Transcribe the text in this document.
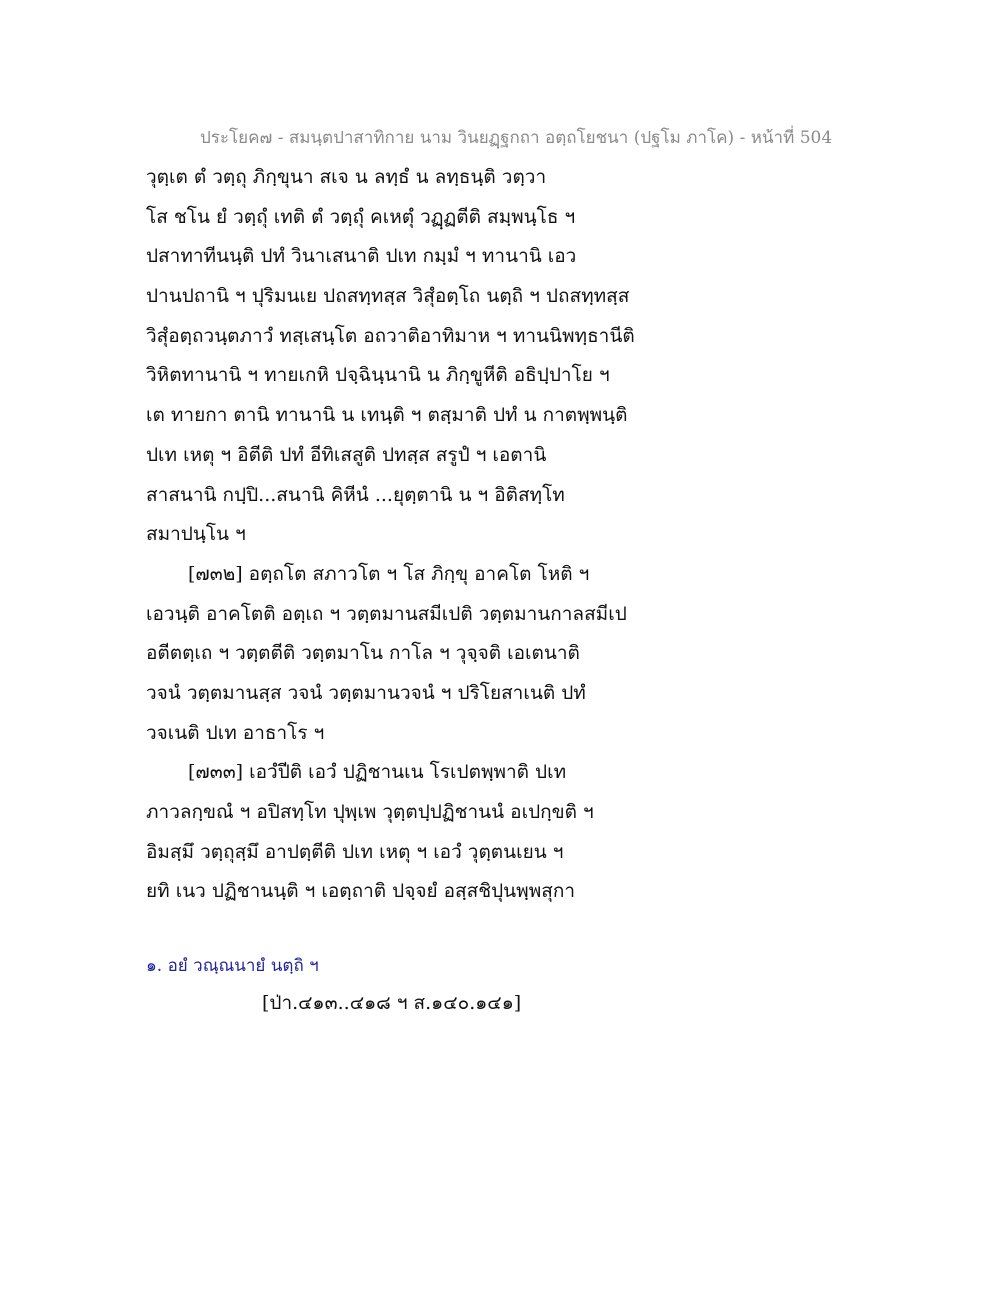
ประโยค๗ - สมนฺตปาสาทิกาย นาม วินยฏฺฐกถา อตฺถโยชนา (ปฐโม ภาโค) - หน้าที่ 504
วุตฺเต ตํ วตฺถุ ภิกฺขุนา สเจ น ลทฺธํ น ลทฺธนฺติ วตฺวา
โส ชโน ยํ วตฺถุํ เทติ ตํ วตฺถุํ คเหตุํ วฏฺฏตีติ สมฺพนฺโธ ฯ
ปสาทาทีนนฺติ ปทํ วินาเสนาติ ปเท กมฺมํ ฯ ทานานิ เอว
ปานปถานิ ฯ ปุริมนเย ปถสทฺทสฺส วิสุํอตฺโถ นตฺถิ ฯ ปถสทฺทสฺส
วิสุํอตฺถวนฺตภาวํ ทสฺเสนฺโต อถวาติอาทิมาห ฯ ทานนิพทฺธานีติ
วิหิตทานานิ ฯ ทายเกหิ ปจฺฉินฺนานิ น ภิกฺขูหีติ อธิปฺปาโย ฯ
เต ทายกา ตานิ ทานานิ น เทนฺติ ฯ ตสฺมาติ ปทํ น กาตพฺพนฺติ
ปเท เหตุ ฯ อิตีติ ปทํ อีทิเสสูติ ปทสฺส สรูปํ ฯ เอตานิ
สาสนานิ กปฺปิ...สนานิ คิหีนํ ...ยุตฺตานิ น ฯ อิติสทฺโท
สมาปนฺโน ฯ
[๗๓๒] อตฺถโต สภาวโต ฯ โส ภิกฺขุ อาคโต โหติ ฯ
เอวนฺติ อาคโตติ อตฺเถ ฯ วตฺตมานสมีเปติ วตฺตมานกาลสมีเป
อตีตตฺเถ ฯ วตฺตตีติ วตฺตมาโน กาโล ฯ วุจฺจติ เอเตนาติ
วจนํ วตฺตมานสฺส วจนํ วตฺตมานวจนํ ฯ ปริโยสาเนติ ปทํ
วจเนติ ปเท อาธาโร ฯ
[๗๓๓] เอวํปีติ เอวํ ปฏิชานเน โรเปตพฺพาติ ปเท
ภาวลกฺขณํ ฯ อปิสทฺโท ปุพฺเพ วุตฺตปฺปฏิชานนํ อเปกฺขติ ฯ
อิมสฺมึ วตฺถุสฺมึ อาปตฺตีติ ปเท เหตุ ฯ เอวํ วุตฺตนเยน ฯ
ยทิ เนว ปฏิชานนฺติ ฯ เอตฺถาติ ปจฺจยํ อสฺสชิปุนพฺพสุกา
๑. อยํ วณฺณนายํ นตฺถิ ฯ
[ป่า.๔๑๓..๔๑๘ ฯ ส.๑๔๐.๑๔๑]
